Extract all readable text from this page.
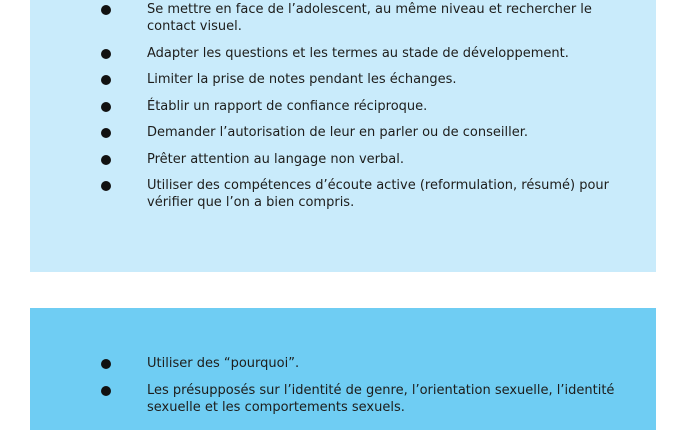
Se mettre en face de l’adolescent, au même niveau et rechercher le contact visuel.
Adapter les questions et les termes au stade de développement.
Limiter la prise de notes pendant les échanges.
Établir un rapport de confiance réciproque.
Demander l’autorisation de leur en parler ou de conseiller.
Prêter attention au langage non verbal.
Utiliser des compétences d’écoute active (reformulation, résumé) pour vérifier que l’on a bien compris.
Utiliser des “pourquoi”.
Les présupposés sur l’identité de genre, l’orientation sexuelle, l’identité sexuelle et les comportements sexuels.
